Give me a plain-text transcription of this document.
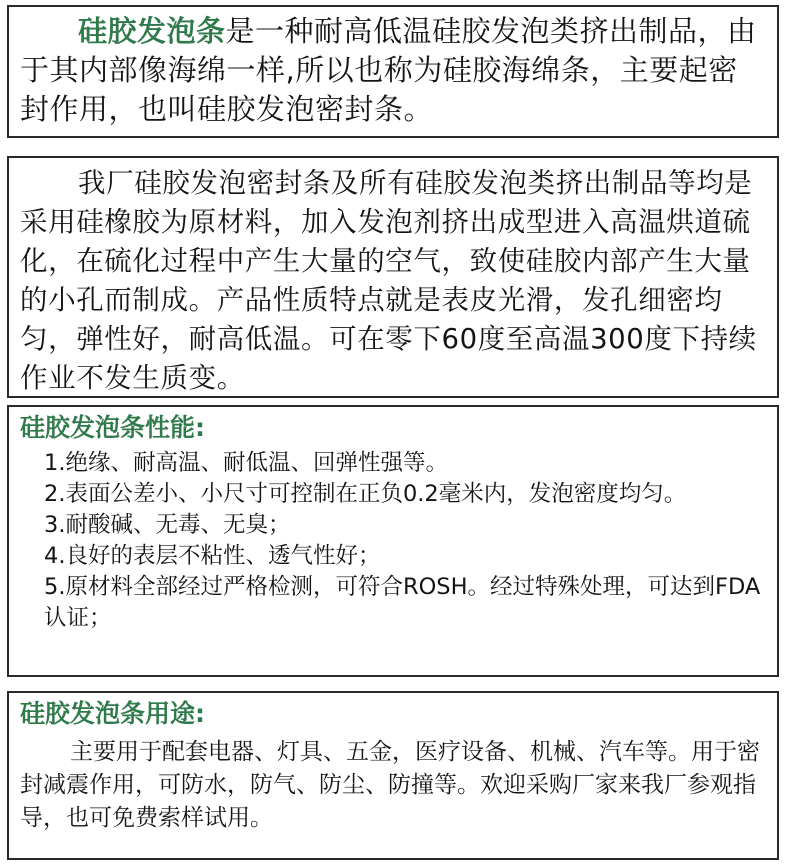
硅胶发泡条是一种耐高低温硅胶发泡类挤出制品，由于其内部像海绵一样,所以也称为硅胶海绵条，主要起密封作用，也叫硅胶发泡密封条。
我厂硅胶发泡密封条及所有硅胶发泡类挤出制品等均是采用硅橡胶为原材料，加入发泡剂挤出成型进入高温烘道硫化，在硫化过程中产生大量的空气，致使硅胶内部产生大量的小孔而制成。产品性质特点就是表皮光滑，发孔细密均匀，弹性好，耐高低温。可在零下60度至高温300度下持续作业不发生质变。
硅胶发泡条性能:
1.绝缘、耐高温、耐低温、回弹性强等。
2.表面公差小、小尺寸可控制在正负0.2毫米内，发泡密度均匀。
3.耐酸碱、无毒、无臭；
4.良好的表层不粘性、透气性好；
5.原材料全部经过严格检测，可符合ROSH。经过特殊处理，可达到FDA认证；
硅胶发泡条用途:
主要用于配套电器、灯具、五金，医疗设备、机械、汽车等。用于密封减震作用，可防水，防气、防尘、防撞等。欢迎采购厂家来我厂参观指导，也可免费索样试用。
